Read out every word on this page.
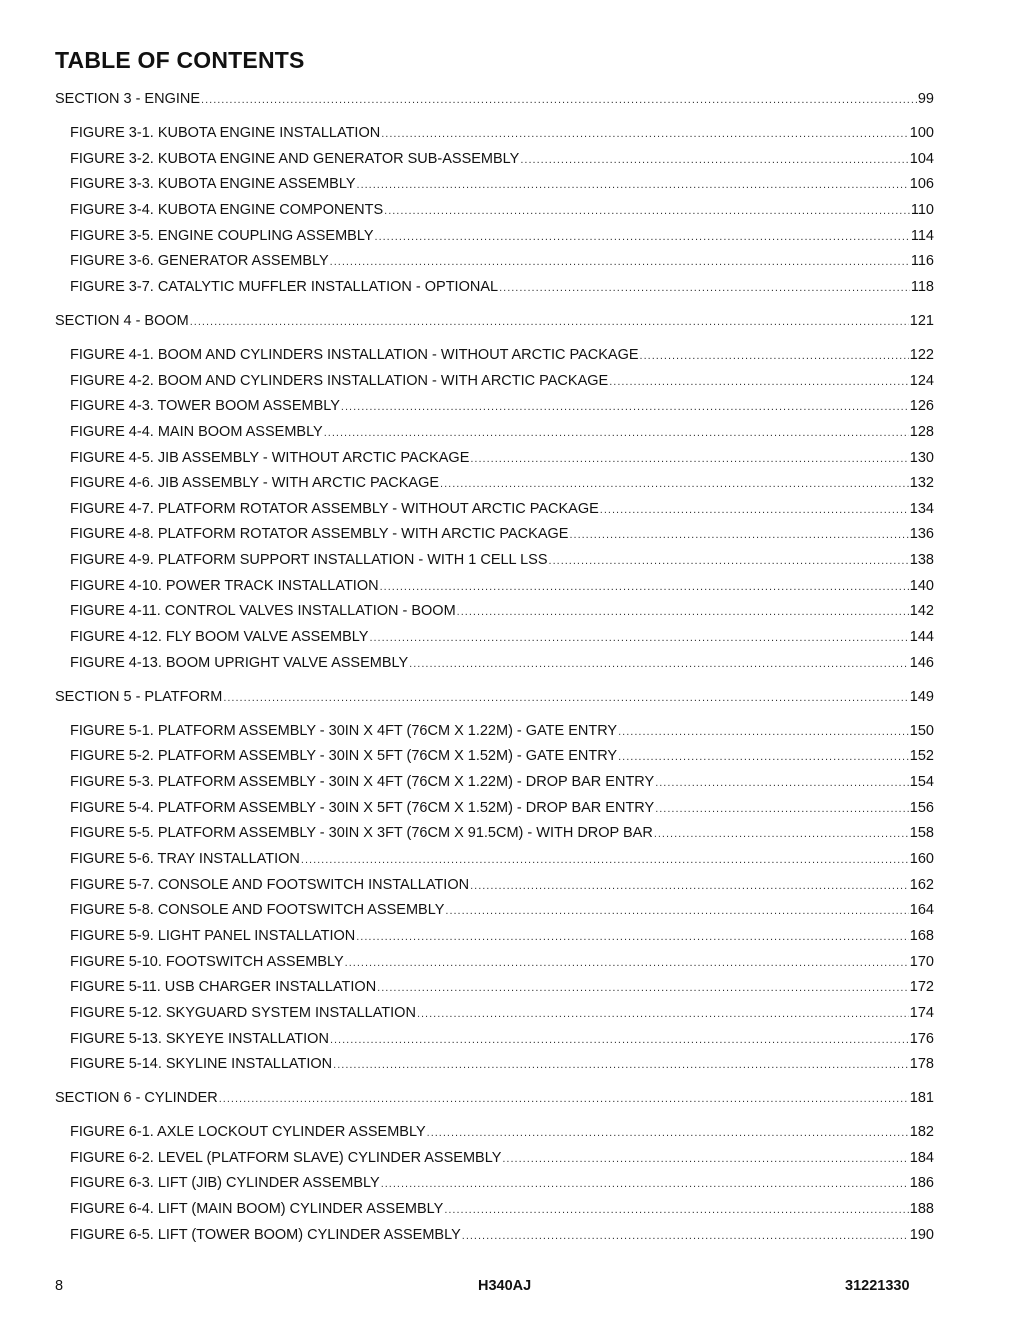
TABLE OF CONTENTS
SECTION 3 - ENGINE .....	99
FIGURE 3-1. KUBOTA ENGINE INSTALLATION .....	100
FIGURE 3-2. KUBOTA ENGINE AND GENERATOR SUB-ASSEMBLY .....	104
FIGURE 3-3. KUBOTA ENGINE ASSEMBLY .....	106
FIGURE 3-4. KUBOTA ENGINE COMPONENTS .....	110
FIGURE 3-5. ENGINE COUPLING ASSEMBLY .....	114
FIGURE 3-6. GENERATOR ASSEMBLY .....	116
FIGURE 3-7. CATALYTIC MUFFLER INSTALLATION - OPTIONAL .....	118
SECTION 4 - BOOM .....	121
FIGURE 4-1. BOOM AND CYLINDERS INSTALLATION - WITHOUT ARCTIC PACKAGE .....	122
FIGURE 4-2. BOOM AND CYLINDERS INSTALLATION - WITH ARCTIC PACKAGE .....	124
FIGURE 4-3. TOWER BOOM ASSEMBLY .....	126
FIGURE 4-4. MAIN BOOM ASSEMBLY .....	128
FIGURE 4-5. JIB ASSEMBLY - WITHOUT ARCTIC PACKAGE .....	130
FIGURE 4-6. JIB ASSEMBLY - WITH ARCTIC PACKAGE .....	132
FIGURE 4-7. PLATFORM ROTATOR ASSEMBLY - WITHOUT ARCTIC PACKAGE .....	134
FIGURE 4-8. PLATFORM ROTATOR ASSEMBLY - WITH ARCTIC PACKAGE .....	136
FIGURE 4-9. PLATFORM SUPPORT INSTALLATION - WITH 1 CELL LSS .....	138
FIGURE 4-10. POWER TRACK INSTALLATION .....	140
FIGURE 4-11. CONTROL VALVES INSTALLATION - BOOM .....	142
FIGURE 4-12. FLY BOOM VALVE ASSEMBLY .....	144
FIGURE 4-13. BOOM UPRIGHT VALVE ASSEMBLY .....	146
SECTION 5 - PLATFORM .....	149
FIGURE 5-1. PLATFORM ASSEMBLY - 30IN X 4FT (76CM X 1.22M) - GATE ENTRY .....	150
FIGURE 5-2. PLATFORM ASSEMBLY - 30IN X 5FT (76CM X 1.52M) - GATE ENTRY .....	152
FIGURE 5-3. PLATFORM ASSEMBLY - 30IN X 4FT (76CM X 1.22M) - DROP BAR ENTRY .....	154
FIGURE 5-4. PLATFORM ASSEMBLY - 30IN X 5FT (76CM X 1.52M) - DROP BAR ENTRY .....	156
FIGURE 5-5. PLATFORM ASSEMBLY - 30IN X 3FT (76CM X 91.5CM) - WITH DROP BAR .....	158
FIGURE 5-6. TRAY INSTALLATION .....	160
FIGURE 5-7. CONSOLE AND FOOTSWITCH INSTALLATION .....	162
FIGURE 5-8. CONSOLE AND FOOTSWITCH ASSEMBLY .....	164
FIGURE 5-9. LIGHT PANEL INSTALLATION .....	168
FIGURE 5-10. FOOTSWITCH ASSEMBLY .....	170
FIGURE 5-11. USB CHARGER INSTALLATION .....	172
FIGURE 5-12. SKYGUARD SYSTEM INSTALLATION .....	174
FIGURE 5-13. SKYEYE INSTALLATION .....	176
FIGURE 5-14. SKYLINE INSTALLATION .....	178
SECTION 6 - CYLINDER .....	181
FIGURE 6-1. AXLE LOCKOUT CYLINDER ASSEMBLY .....	182
FIGURE 6-2. LEVEL (PLATFORM SLAVE) CYLINDER ASSEMBLY .....	184
FIGURE 6-3. LIFT (JIB) CYLINDER ASSEMBLY .....	186
FIGURE 6-4. LIFT (MAIN BOOM) CYLINDER ASSEMBLY .....	188
FIGURE 6-5. LIFT (TOWER BOOM) CYLINDER ASSEMBLY .....	190
8	H340AJ	31221330
